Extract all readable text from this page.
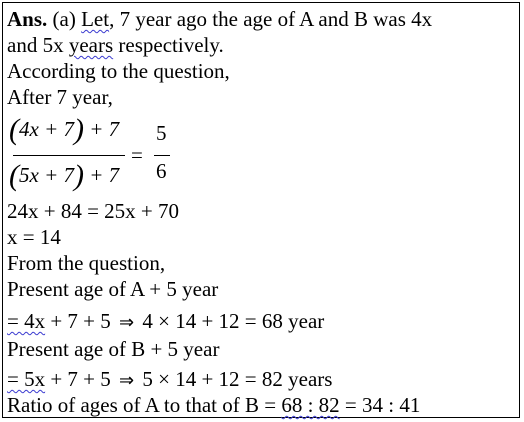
Ans. (a) Let, 7 year ago the age of A and B was 4x
and 5x years respectively.
According to the question,
After 7 year,
(4x + 7) + 7
(5x + 7) + 7
=
5
6
24x + 84 = 25x + 70
x = 14
From the question,
Present age of A + 5 year
= 4x + 7 + 5 ⇒ 4 × 14 + 12 = 68 year
Present age of B + 5 year
= 5x + 7 + 5 ⇒ 5 × 14 + 12 = 82 years
Ratio of ages of A to that of B = 68 : 82 = 34 : 41
